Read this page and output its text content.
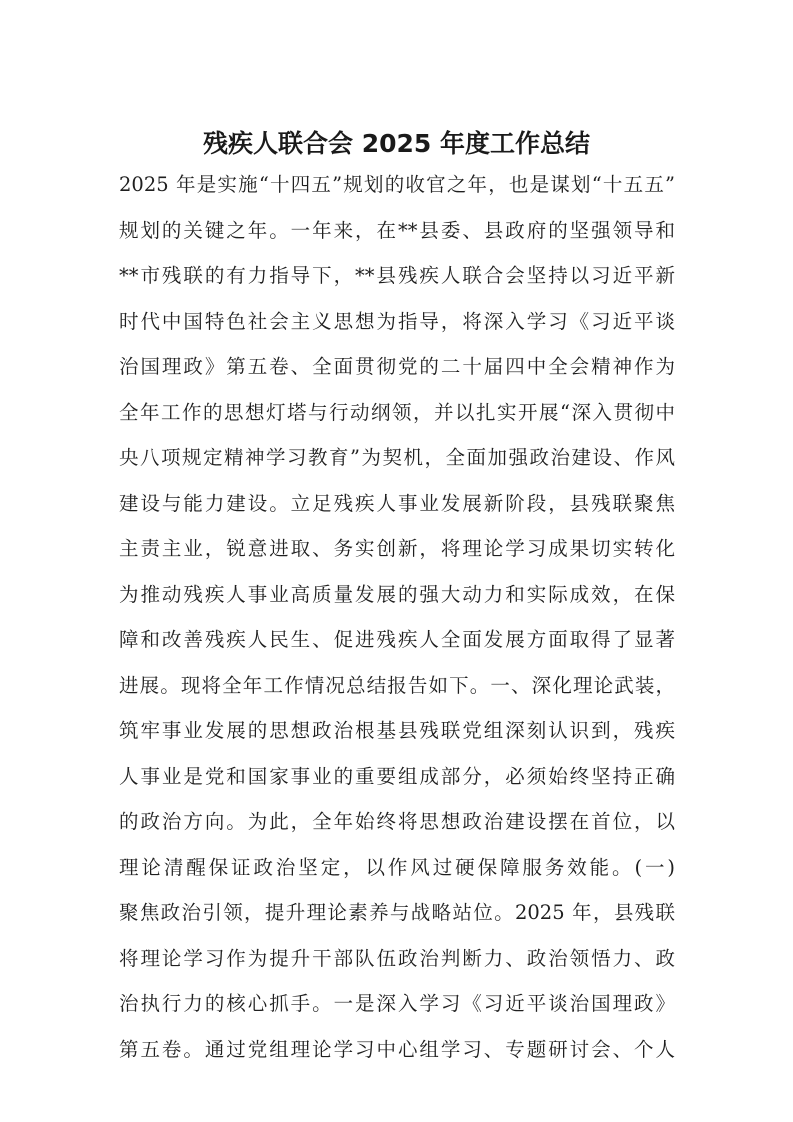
残疾人联合会 2025 年度工作总结
2025 年是实施“十四五”规划的收官之年，也是谋划“十五五”
规划的关键之年。一年来，在**县委、县政府的坚强领导和
**市残联的有力指导下，**县残疾人联合会坚持以习近平新
时代中国特色社会主义思想为指导，将深入学习《习近平谈
治国理政》第五卷、全面贯彻党的二十届四中全会精神作为
全年工作的思想灯塔与行动纲领，并以扎实开展“深入贯彻中
央八项规定精神学习教育”为契机，全面加强政治建设、作风
建设与能力建设。立足残疾人事业发展新阶段，县残联聚焦
主责主业，锐意进取、务实创新，将理论学习成果切实转化
为推动残疾人事业高质量发展的强大动力和实际成效，在保
障和改善残疾人民生、促进残疾人全面发展方面取得了显著
进展。现将全年工作情况总结报告如下。一、深化理论武装，
筑牢事业发展的思想政治根基县残联党组深刻认识到，残疾
人事业是党和国家事业的重要组成部分，必须始终坚持正确
的政治方向。为此，全年始终将思想政治建设摆在首位，以
理论清醒保证政治坚定，以作风过硬保障服务效能。(一)
聚焦政治引领，提升理论素养与战略站位。2025 年，县残联
将理论学习作为提升干部队伍政治判断力、政治领悟力、政
治执行力的核心抓手。一是深入学习《习近平谈治国理政》
第五卷。通过党组理论学习中心组学习、专题研讨会、个人
